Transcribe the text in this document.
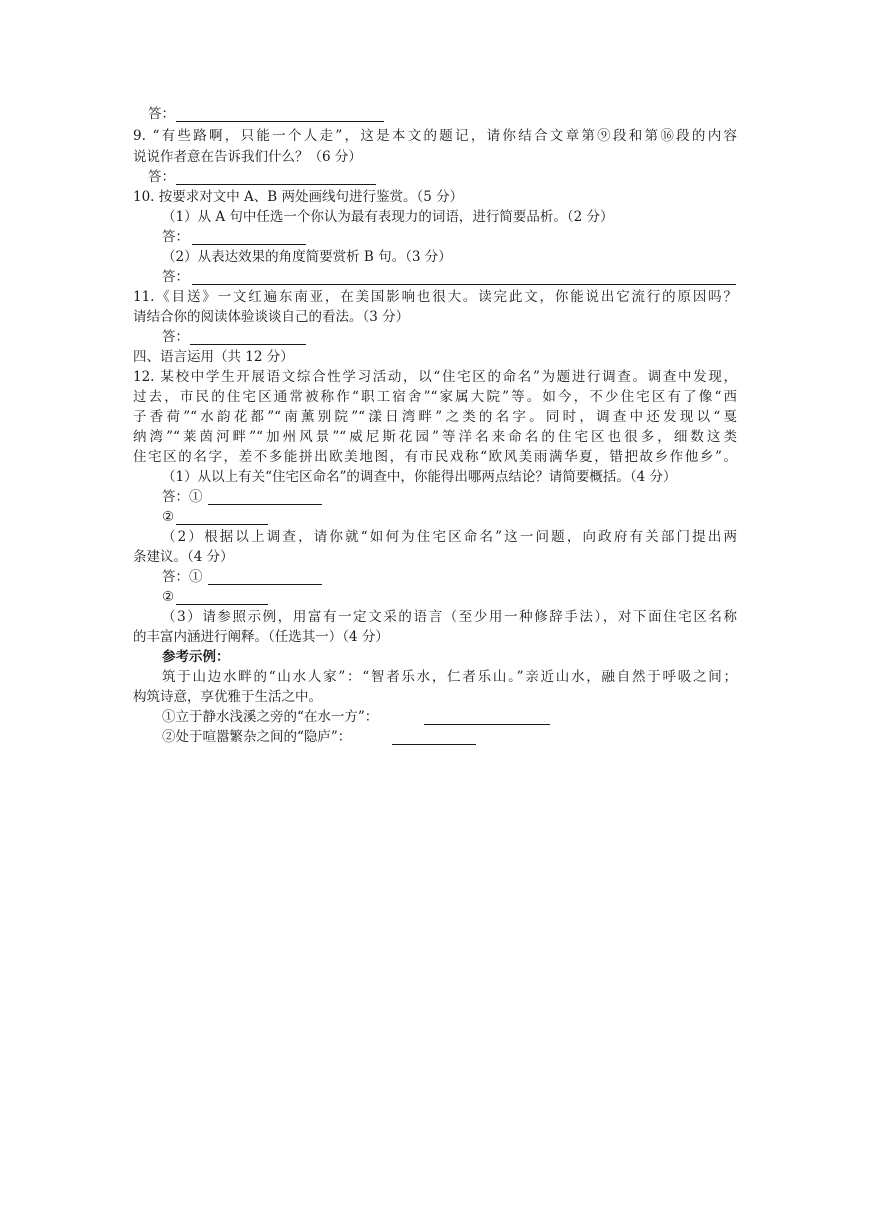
答：
9. “有些路啊，只能一个人走”，这是本文的题记，请你结合文章第⑨段和第⑯段的内容
说说作者意在告诉我们什么？（6 分）
答：
10. 按要求对文中 A、B 两处画线句进行鉴赏。（5 分）
（1）从 A 句中任选一个你认为最有表现力的词语，进行简要品析。（2 分）
答：
（2）从表达效果的角度简要赏析 B 句。（3 分）
答：
11.《目送》一文红遍东南亚，在美国影响也很大。读完此文，你能说出它流行的原因吗？
请结合你的阅读体验谈谈自己的看法。（3 分）
答：
四、语言运用（共 12 分）
12. 某校中学生开展语文综合性学习活动，以“住宅区的命名”为题进行调查。调查中发现，
过去，市民的住宅区通常被称作“职工宿舍”“家属大院”等。如今，不少住宅区有了像“西
子香荷”“水韵花都”“南薰别院”“漾日湾畔”之类的名字。同时，调查中还发现以“戛
纳湾”“莱茵河畔”“加州风景”“威尼斯花园”等洋名来命名的住宅区也很多，细数这类
住宅区的名字，差不多能拼出欧美地图，有市民戏称“欧风美雨满华夏，错把故乡作他乡”。
（1）从以上有关“住宅区命名”的调查中，你能得出哪两点结论？请简要概括。（4 分）
答：①
②
（2）根据以上调查，请你就“如何为住宅区命名”这一问题，向政府有关部门提出两
条建议。（4 分）
答：①
②
（3）请参照示例，用富有一定文采的语言（至少用一种修辞手法），对下面住宅区名称
的丰富内涵进行阐释。（任选其一）（4 分）
参考示例：
筑于山边水畔的“山水人家”：“智者乐水，仁者乐山。”亲近山水，融自然于呼吸之间；
构筑诗意，享优雅于生活之中。
①立于静水浅溪之旁的“在水一方”：
②处于喧嚣繁杂之间的“隐庐”：
